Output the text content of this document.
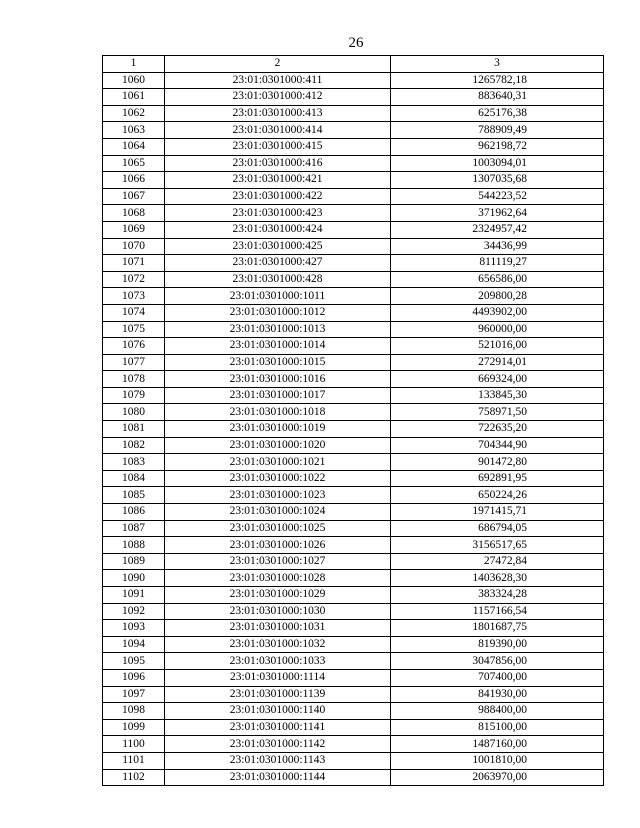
26
1	2	3
1060	23:01:0301000:411	1265782,18
1061	23:01:0301000:412	883640,31
1062	23:01:0301000:413	625176,38
1063	23:01:0301000:414	788909,49
1064	23:01:0301000:415	962198,72
1065	23:01:0301000:416	1003094,01
1066	23:01:0301000:421	1307035,68
1067	23:01:0301000:422	544223,52
1068	23:01:0301000:423	371962,64
1069	23:01:0301000:424	2324957,42
1070	23:01:0301000:425	34436,99
1071	23:01:0301000:427	811119,27
1072	23:01:0301000:428	656586,00
1073	23:01:0301000:1011	209800,28
1074	23:01:0301000:1012	4493902,00
1075	23:01:0301000:1013	960000,00
1076	23:01:0301000:1014	521016,00
1077	23:01:0301000:1015	272914,01
1078	23:01:0301000:1016	669324,00
1079	23:01:0301000:1017	133845,30
1080	23:01:0301000:1018	758971,50
1081	23:01:0301000:1019	722635,20
1082	23:01:0301000:1020	704344,90
1083	23:01:0301000:1021	901472,80
1084	23:01:0301000:1022	692891,95
1085	23:01:0301000:1023	650224,26
1086	23:01:0301000:1024	1971415,71
1087	23:01:0301000:1025	686794,05
1088	23:01:0301000:1026	3156517,65
1089	23:01:0301000:1027	27472,84
1090	23:01:0301000:1028	1403628,30
1091	23:01:0301000:1029	383324,28
1092	23:01:0301000:1030	1157166,54
1093	23:01:0301000:1031	1801687,75
1094	23:01:0301000:1032	819390,00
1095	23:01:0301000:1033	3047856,00
1096	23:01:0301000:1114	707400,00
1097	23:01:0301000:1139	841930,00
1098	23:01:0301000:1140	988400,00
1099	23:01:0301000:1141	815100,00
1100	23:01:0301000:1142	1487160,00
1101	23:01:0301000:1143	1001810,00
1102	23:01:0301000:1144	2063970,00
